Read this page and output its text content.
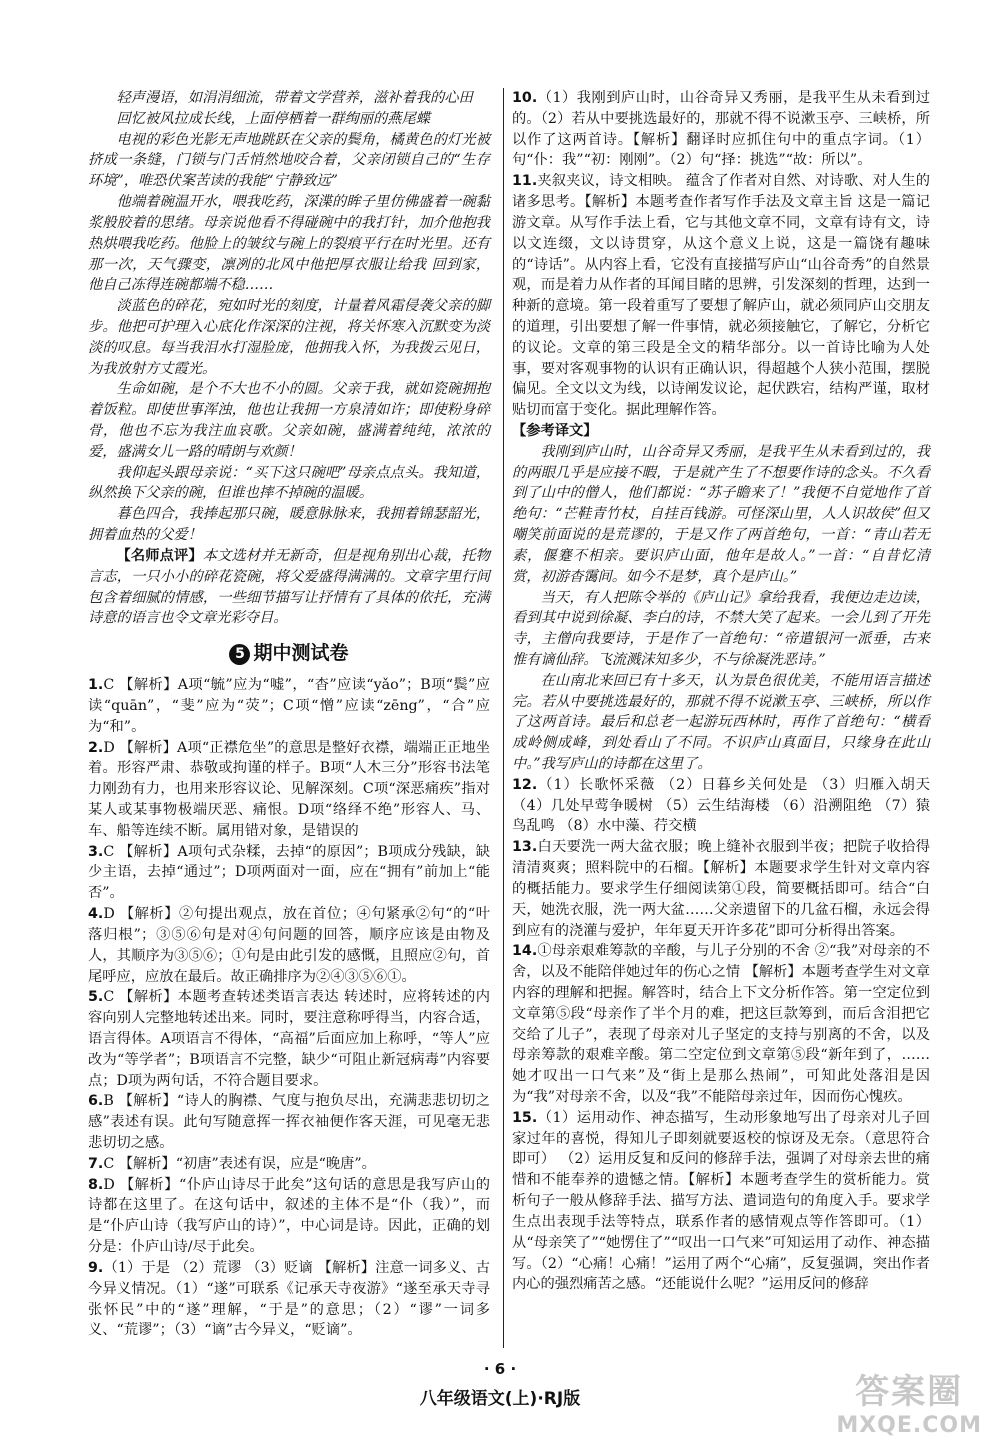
轻声漫语，如涓涓细流，带着文学营养，滋补着我的心田

回忆被风拉成长线，上面停栖着一群绚丽的燕尾蝶

电视的彩色光影无声地跳跃在父亲的鬓角，橘黄色的灯光被挤成一条缝，门锁与门舌悄然地咬合着，父亲闭锁自己的“生存环境”，唯恐伏案苦读的我能“宁静致远”

他端着碗温开水，喂我吃药，深渫的眸子里仿佛盛着一碗黏浆般胶着的思绪。母亲说他看不得碰碗中的我打针，加介他抱我热烘喂我吃药。他脸上的皱纹与碗上的裂痕平行在时光里。还有那一次，天气骤变，凛冽的北风中他把厚衣服让给我 回到家，他自己冻得连碗都端不稳……

淡蓝色的碎花，宛如时光的刻度，计量着风霜侵袭父亲的脚步。他把可护理入心底化作深深的注视，将关怀寒入沉默变为淡淡的叹息。每当我泪水打湿脸庞，他拥我入怀，为我拨云见日，为我放射方丈霞光。

生命如碗，是个不大也不小的圆。父亲于我，就如瓷碗拥抱着饭粒。即使世事浑浊，他也让我拥一方泉清如许；即使粉身碎骨，他也不忘为我注血哀歌。父亲如碗，盛满着纯纯，浓浓的爱，盛满女儿一路的晴朗与欢颜！

我仰起头跟母亲说：“买下这只碗吧”母亲点点头。我知道，纵然换下父亲的碗，但谁也摔不掉碗的温暖。

暮色四合，我捧起那只碗，暖意脉脉来，我拥着锦瑟韶光，拥着血热的父爱！

【名师点评】本文选材并无新奇，但是视角别出心裁，托物言志，一只小小的碎花瓷碗，将父爱盛得满满的。文章字里行间包含着细腻的情感，一些细节描写让抒情有了具体的依托，充满诗意的语言也令文章光彩夺目。

5 期中测试卷

1.C 【解析】A项“毓”应为“嘘”，“杳”应读“yǎo”；B项“鬓”应读“quān”，“斐”应为“荧”；C项“憎”应读“zēng”，“合”应为“和”。

2.D 【解析】A项“正襟危坐”的意思是整好衣襟，端端正正地坐着。形容严肃、恭敬或拘谨的样子。B项“人木三分”形容书法笔力刚劲有力，也用来形容议论、见解深刻。C项“深恶痛疾”指对某人或某事物极端厌恶、痛恨。D项“络绎不绝”形容人、马、车、船等连续不断。属用错对象，是错误的

3.C 【解析】A项句式杂糅，去掉“的原因”；B项成分残缺，缺少主语，去掉“通过”；D项两面对一面，应在“拥有”前加上“能否”。

4.D 【解析】②句提出观点，放在首位；④句紧承②句“的“叶落归根”；③⑤⑥句是对④句问题的回答，顺序应该是由物及人，其顺序为③⑤⑥；①句是由此引发的感慨，且照应②句，首尾呼应，应放在最后。故正确排序为②④③⑤⑥①。

5.C 【解析】本题考查转述类语言表达 转述时，应将转述的内容向别人完整地转述出来。同时，要注意称呼得当，内容合适，语言得体。A项语言不得体，“高福”后面应加上称呼，“等人”应改为“等学者”；B项语言不完整，缺少“可阻止新冠病毒”内容要点；D项为两句话，不符合题目要求。

6.B 【解析】“诗人的胸襟、气度与抱负尽出，充满悲悲切切之感”表述有误。此句写随意挥一挥衣袖便作客天涯，可见毫无悲悲切切之感。

7.C 【解析】“初唐”表述有误，应是“晚唐”。

8.D 【解析】“仆庐山诗尽于此矣”这句话的意思是我写庐山的诗都在这里了。在这句话中，叙述的主体不是“仆（我）”，而是“仆庐山诗（我写庐山的诗）”，中心词是诗。因此，正确的划分是：仆庐山诗/尽于此矣。

9.（1）于是 （2）荒谬 （3）贬谪 【解析】注意一词多义、古今异义情况。（1）“遂”可联系《记承天寺夜游》“遂至承天寺寻张怀民”中的“遂”理解，“于是”的意思；（2）“谬”一词多义、“荒谬”；（3）“谪”古今异义，“贬谪”。

10.（1）我刚到庐山时，山谷奇异又秀丽，是我平生从未看到过的。（2）若从中要挑选最好的，那就不得不说漱玉亭、三峡桥，所以作了这两首诗。【解析】翻译时应抓住句中的重点字词。（1）句“仆：我”“初：刚刚”。（2）句“择：挑选”“故：所以”。

11.夹叙夹议，诗文相映。 蕴含了作者对自然、对诗歌、对人生的诸多思考。【解析】本题考查作者写作手法及文章主旨 这是一篇记游文章。从写作手法上看，它与其他文章不同，文章有诗有文，诗以文连缀，文以诗贯穿，从这个意义上说，这是一篇饶有趣味的“诗话”。从内容上看，它没有直接描写庐山“山谷奇秀”的自然景观，而是着力从作者的耳闻目睹的思辨，引发深刻的哲理，达到一种新的意境。第一段着重写了要想了解庐山，就必须同庐山交朋友的道理，引出要想了解一件事情，就必须接触它，了解它，分析它的议论。文章的第三段是全文的精华部分。以一首诗比喻为人处事，要对客观事物的认识有正确认识，得超越个人狭小范围，摆脱偏见。全文以文为线，以诗阐发议论，起伏跌宕，结构严谨，取材贴切而富于变化。据此理解作答。

【参考译文】

我刚到庐山时，山谷奇异又秀丽，是我平生从未看到过的，我的两眼几乎是应接不暇，于是就产生了不想要作诗的念头。不久看到了山中的僧人，他们都说：“苏子瞻来了！”我便不自觉地作了首绝句：“芒鞋青竹杖，自挂百钱游。可怪深山里，人人识故侯”但又嘲笑前面说的是荒谬的，于是又作了两首绝句，一首：“青山若无素，偃蹇不相亲。要识庐山面，他年是故人。”一首：“自昔忆清赏，初游杳霭间。如今不是梦，真个是庐山。”

当天，有人把陈令举的《庐山记》拿给我看，我便边走边读，看到其中说到徐凝、李白的诗，不禁大笑了起来。一会儿到了开先寺，主僧向我要诗，于是作了一首绝句：“帝遣银河一派垂，古来惟有谪仙辞。飞流溅沫知多少，不与徐凝洗恶诗。”

在山南北来回已有十多天，认为景色很优美，不能用语言描述完。若从中要挑选最好的，那就不得不说漱玉亭、三峡桥，所以作了这两首诗。最后和总老一起游玩西林时，再作了首绝句：“横看成岭侧成峰，到处看山了不同。不识庐山真面目，只缘身在此山中。”我写庐山的诗都在这里了。

12.（1）长歌怀采薇 （2）日暮乡关何处是 （3）归雁入胡天 （4）几处早莺争暖树 （5）云生结海楼 （6）沿溯阻绝 （7）猿鸟乱鸣 （8）水中藻、荇交横

13.白天要洗一两大盆衣服；晚上缝补衣服到半夜；把院子收拾得清清爽爽；照料院中的石榴。【解析】本题要求学生针对文章内容的概括能力。要求学生仔细阅读第①段，简要概括即可。结合“白天，她洗衣服，洗一两大盆……父亲遗留下的几盆石榴，永远会得到应有的浇灌与爱护，年年夏天开许多花”即可分析得出答案。

14.①母亲艰难筹款的辛酸，与儿子分别的不舍 ②“我”对母亲的不舍，以及不能陪伴她过年的伤心之情 【解析】本题考查学生对文章内容的理解和把握。解答时，结合上下文分析作答。第一空定位到文章第⑤段“母亲作了半个月的难，把这巨款筹到，而后含泪把它交给了儿子”，表现了母亲对儿子坚定的支持与别离的不舍，以及母亲筹款的艰难辛酸。第二空定位到文章第⑤段“新年到了，……她才叹出一口气来”及“街上是那么热闹”，可知此处落泪是因为“我”对母亲不舍，以及“我”不能陪母亲过年，因而伤心愧疚。

15.（1）运用动作、神态描写，生动形象地写出了母亲对儿子回家过年的喜悦，得知儿子即刻就要返校的惊讶及无奈。（意思符合即可） （2）运用反复和反问的修辞手法，强调了对母亲去世的痛惜和不能奉养的遗憾之情。【解析】本题考查学生的赏析能力。赏析句子一般从修辞手法、描写方法、遣词造句的角度入手。要求学生点出表现手法等特点，联系作者的感情观点等作答即可。（1）从“母亲笑了”“她愣住了”“叹出一口气来”可知运用了动作、神态描写。（2）“心痛！心痛！”运用了两个“心痛”，反复强调，突出作者内心的强烈痛苦之感。“还能说什么呢？”运用反问的修辞

· 6 ·
八年级语文(上)·RJ版	答案圈
MXQE.COM
